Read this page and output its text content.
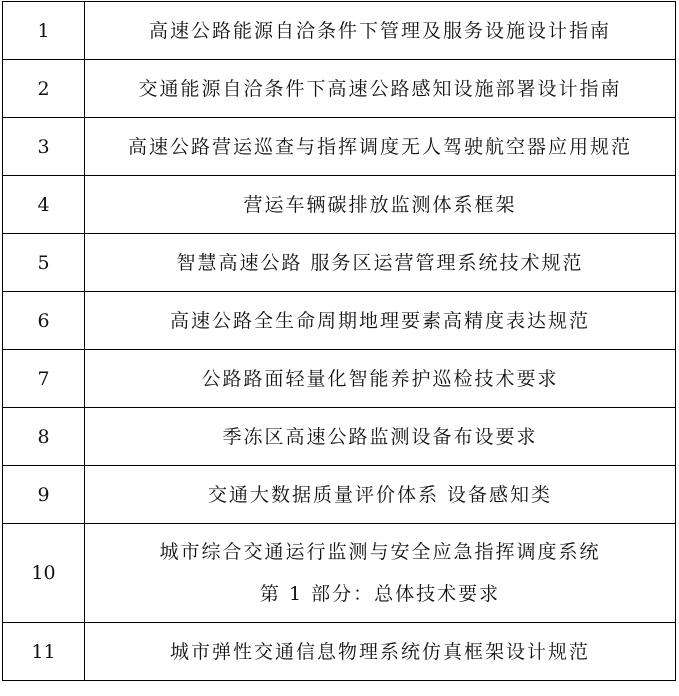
1	高速公路能源自洽条件下管理及服务设施设计指南

2	交通能源自洽条件下高速公路感知设施部署设计指南

3	高速公路营运巡查与指挥调度无人驾驶航空器应用规范

4	营运车辆碳排放监测体系框架

5	智慧高速公路 服务区运营管理系统技术规范

6	高速公路全生命周期地理要素高精度表达规范

7	公路路面轻量化智能养护巡检技术要求

8	季冻区高速公路监测设备布设要求

9	交通大数据质量评价体系 设备感知类

10	城市综合交通运行监测与安全应急指挥调度系统
第 1 部分：总体技术要求

11	城市弹性交通信息物理系统仿真框架设计规范
